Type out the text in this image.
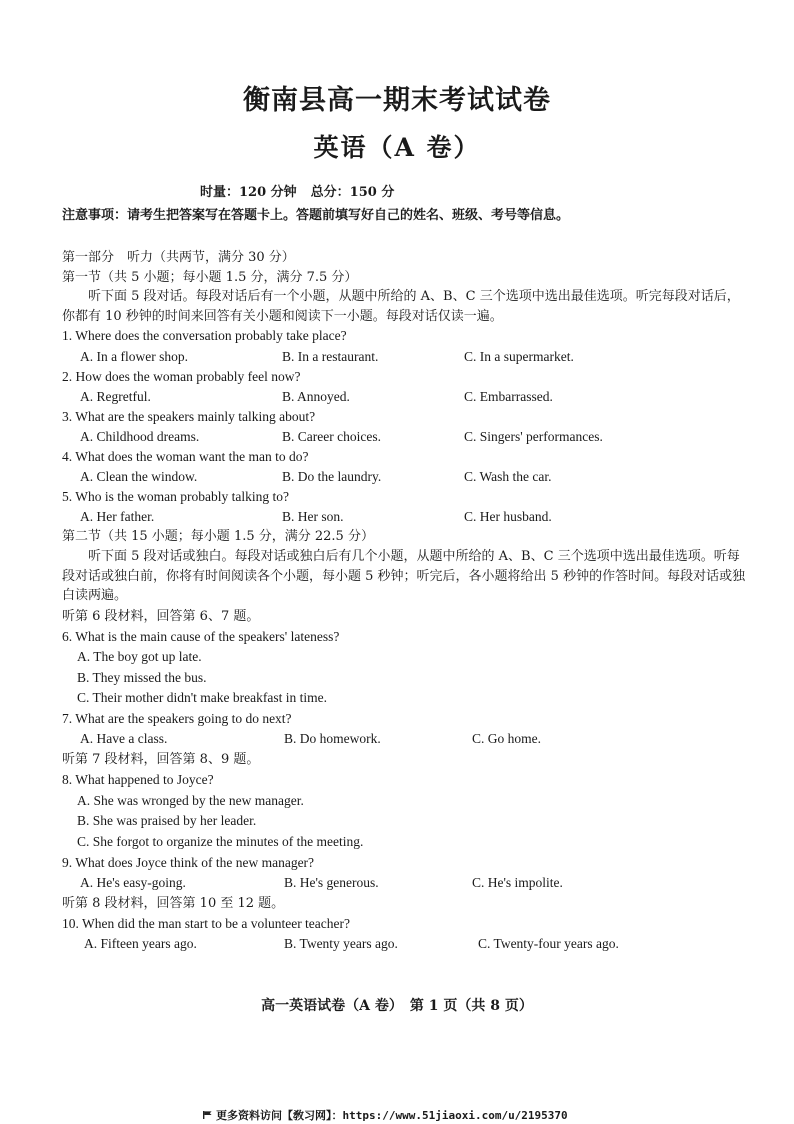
衡南县高一期末考试试卷
英语（A 卷）
时量：120 分钟 总分：150 分
注意事项：请考生把答案写在答题卡上。答题前填写好自己的姓名、班级、考号等信息。
第一部分　听力（共两节，满分 30 分）
第一节（共 5 小题；每小题 1.5 分，满分 7.5 分）
听下面 5 段对话。每段对话后有一个小题，从题中所给的 A、B、C 三个选项中选出最佳选项。听完每段对话后，你都有 10 秒钟的时间来回答有关小题和阅读下一小题。每段对话仅读一遍。
1. Where does the conversation probably take place?
A. In a flower shop.	B. In a restaurant.	C. In a supermarket.
2. How does the woman probably feel now?
A. Regretful.	B. Annoyed.	C. Embarrassed.
3. What are the speakers mainly talking about?
A. Childhood dreams.	B. Career choices.	C. Singers' performances.
4. What does the woman want the man to do?
A. Clean the window.	B. Do the laundry.	C. Wash the car.
5. Who is the woman probably talking to?
A. Her father.	B. Her son.	C. Her husband.
第二节（共 15 小题；每小题 1.5 分，满分 22.5 分）
听下面 5 段对话或独白。每段对话或独白后有几个小题，从题中所给的 A、B、C 三个选项中选出最佳选项。听每段对话或独白前，你将有时间阅读各个小题，每小题 5 秒钟；听完后，各小题将给出 5 秒钟的作答时间。每段对话或独白读两遍。
听第 6 段材料，回答第 6、7 题。
6. What is the main cause of the speakers' lateness?
A. The boy got up late.
B. They missed the bus.
C. Their mother didn't make breakfast in time.
7. What are the speakers going to do next?
A. Have a class.	B. Do homework.	C. Go home.
听第 7 段材料，回答第 8、9 题。
8. What happened to Joyce?
A. She was wronged by the new manager.
B. She was praised by her leader.
C. She forgot to organize the minutes of the meeting.
9. What does Joyce think of the new manager?
A. He's easy-going.	B. He's generous.	C. He's impolite.
听第 8 段材料，回答第 10 至 12 题。
10. When did the man start to be a volunteer teacher?
A. Fifteen years ago.	B. Twenty years ago.	C. Twenty-four years ago.
高一英语试卷（A 卷）　第 1 页（共 8 页）
更多资料访问【敎习网】：https://www.51jiaoxi.com/u/2195370
